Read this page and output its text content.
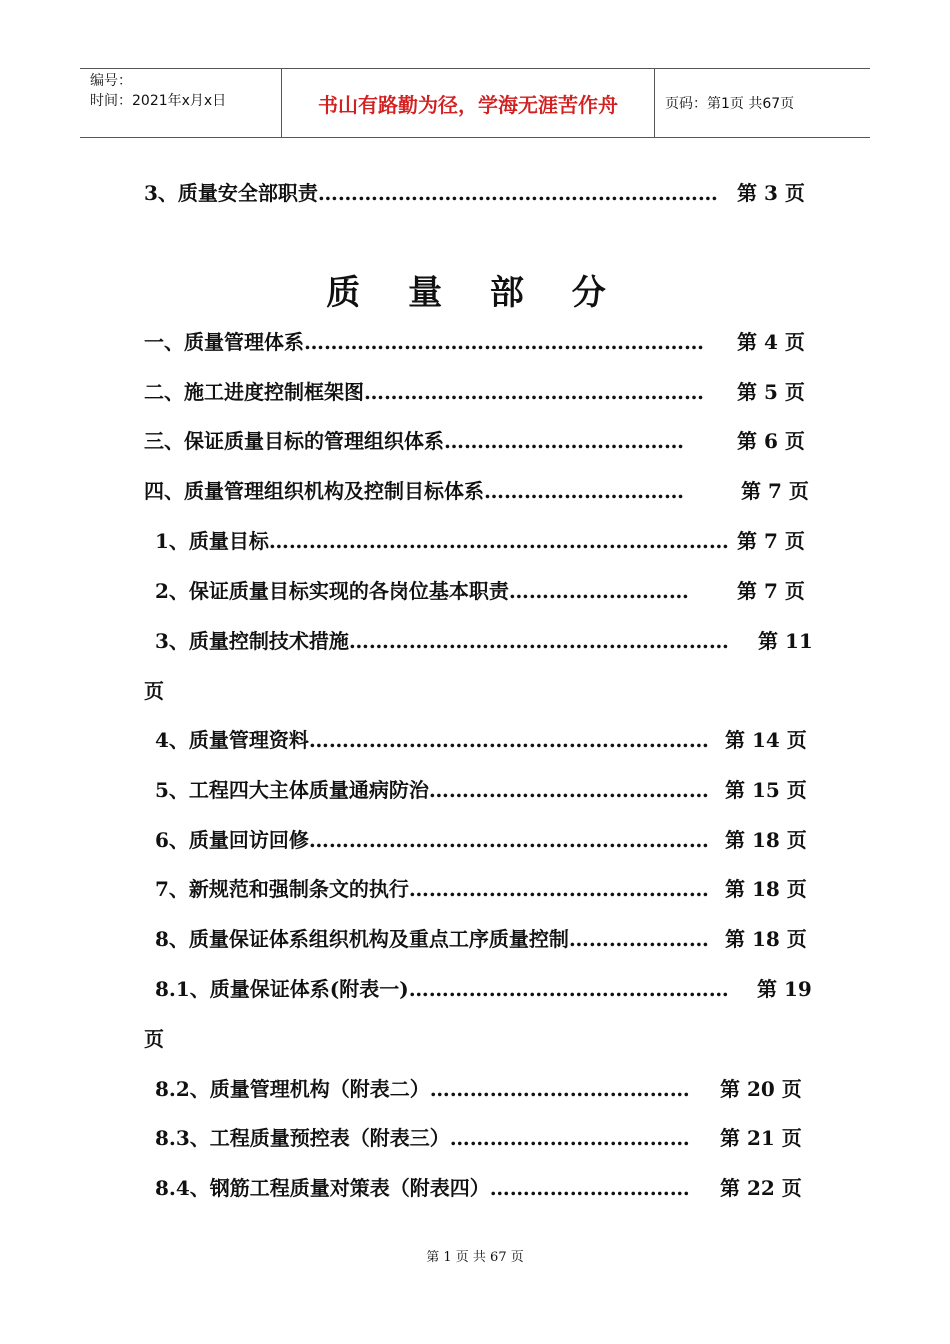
编号：
时间：2021年x月x日	书山有路勤为径，学海无涯苦作舟	页码：第1页 共67页
3、质量安全部职责…………………………………………………… 第 3 页
质 量 部 分
一、质量管理体系…………………………………………………… 第 4 页
二、施工进度控制框架图…………………………………………… 第 5 页
三、保证质量目标的管理组织体系………………………………	第 6 页
四、质量管理组织机构及控制目标体系…………………………	第 7 页
1、质量目标…………………………………………………………… 第 7 页
2、保证质量目标实现的各岗位基本职责……………………… 第 7 页
3、质量控制技术措施………………………………………………… 第 11
页
4、质量管理资料…………………………………………………… 第 14 页
5、工程四大主体质量通病防治…………………………………… 第 15 页
6、质量回访回修…………………………………………………… 第 18 页
7、新规范和强制条文的执行……………………………………… 第 18 页
8、质量保证体系组织机构及重点工序质量控制………………… 第 18 页
8.1、质量保证体系(附表一)………………………………………… 第 19
页
8.2、质量管理机构（附表二）………………………………… 第 20 页
8.3、工程质量预控表（附表三）……………………………… 第 21 页
8.4、钢筋工程质量对策表（附表四）………………………… 第 22 页
第 1 页 共 67 页
